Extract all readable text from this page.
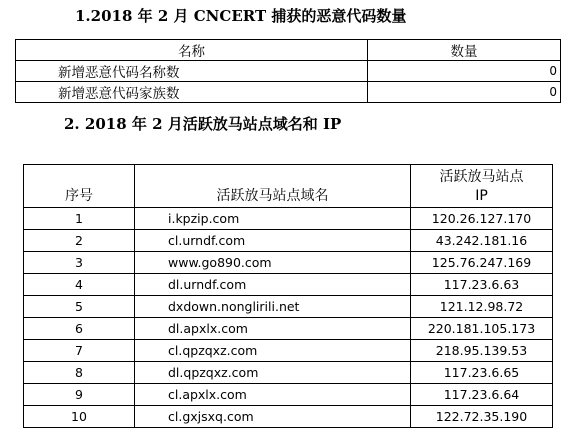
1.2018 年 2 月 CNCERT 捕获的恶意代码数量
名称	数量
新增恶意代码名称数	0
新增恶意代码家族数	0
2. 2018 年 2 月活跃放马站点域名和 IP
序号	活跃放马站点域名	活跃放马站点
IP

1	i.kpzip.com	120.26.127.170
2	cl.urndf.com	43.242.181.16
3	www.go890.com	125.76.247.169
4	dl.urndf.com	117.23.6.63
5	dxdown.nonglirili.net	121.12.98.72
6	dl.apxlx.com	220.181.105.173
7	cl.qpzqxz.com	218.95.139.53
8	dl.qpzqxz.com	117.23.6.65
9	cl.apxlx.com	117.23.6.64
10	cl.gxjsxq.com	122.72.35.190
